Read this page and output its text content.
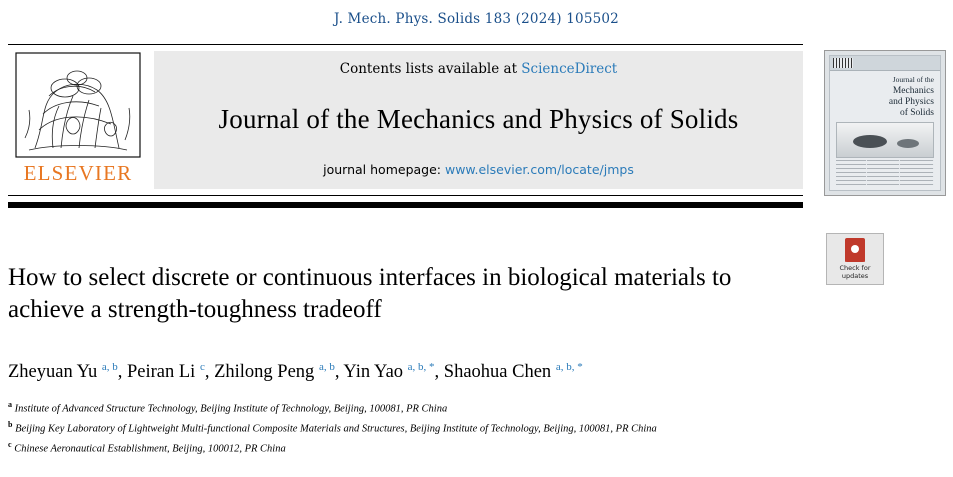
J. Mech. Phys. Solids 183 (2024) 105502
ELSEVIER
Contents lists available at ScienceDirect
Journal of the Mechanics and Physics of Solids
journal homepage: www.elsevier.com/locate/jmps
Journal of the
Mechanics
and Physics
of Solids
Check for
updates
How to select discrete or continuous interfaces in biological materials to achieve a strength-toughness tradeoff
Zheyuan Yu $^{a, b}$, Peiran Li $^c$, Zhilong Peng $^{a, b}$, Yin Yao $^{a, b, *}$, Shaohua Chen $^{a, b, *}$
$^a$ Institute of Advanced Structure Technology, Beijing Institute of Technology, Beijing, 100081, PR China
$^b$ Beijing Key Laboratory of Lightweight Multi-functional Composite Materials and Structures, Beijing Institute of Technology, Beijing, 100081, PR China
$^c$ Chinese Aeronautical Establishment, Beijing, 100012, PR China
